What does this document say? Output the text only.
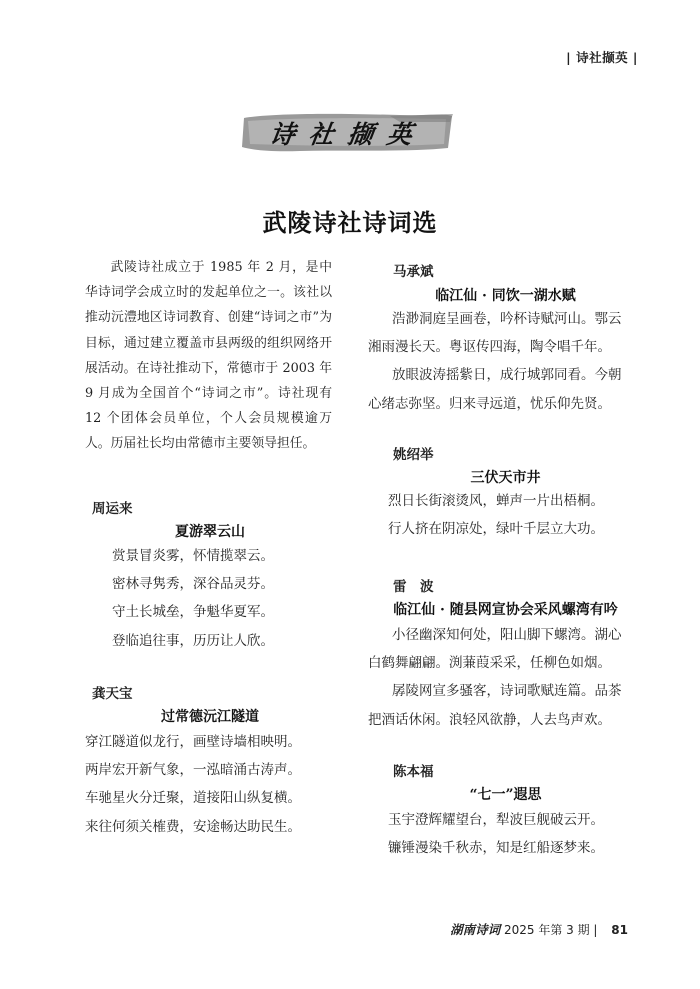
| 诗社撷英 |
诗社撷英
武陵诗社诗词选

武陵诗社成立于 1985 年 2 月，是中华诗词学会成立时的发起单位之一。该社以推动沅澧地区诗词教育、创建“诗词之市”为目标，通过建立覆盖市县两级的组织网络开展活动。在诗社推动下，常德市于 2003 年 9 月成为全国首个“诗词之市”。诗社现有 12 个团体会员单位，个人会员规模逾万人。历届社长均由常德市主要领导担任。

周运来
夏游翠云山
赏景冒炎雾，怀情揽翠云。
密林寻隽秀，深谷品灵芬。
守土长城垒，争魁华夏军。
登临追往事，历历让人欣。
龚天宝
过常德沅江隧道
穿江隧道似龙行，画壁诗墙相映明。
两岸宏开新气象，一泓暗涌古涛声。
车驰星火分迁聚，道接阳山纵复横。
来往何须关榷费，安途畅达助民生。
马承斌
临江仙 · 同饮一湖水赋
浩渺洞庭呈画卷，吟杯诗赋河山。鄂云
湘雨漫长天。粤讴传四海，陶令唱千年。
放眼波涛摇紫日，成行城郭同看。今朝
心绪志弥坚。归来寻远道，忧乐仰先贤。
姚绍举
三伏天市井
烈日长街滚烫风，蝉声一片出梧桐。
行人挤在阴凉处，绿叶千层立大功。
雷　波
临江仙 · 随县网宣协会采风螺湾有吟
小径幽深知何处，阳山脚下螺湾。湖心
白鹤舞翩翩。渕蒹葭采采，任柳色如烟。
孱陵网宣多骚客，诗词歌赋连篇。品茶
把酒话休闲。浪轻风欲静，人去鸟声欢。
陈本福
“七一”遐思
玉宇澄辉耀望台，犁波巨舰破云开。
镰锤漫染千秋赤，知是红船逐梦来。
湖南诗词 2025 年第 3 期 | 81
